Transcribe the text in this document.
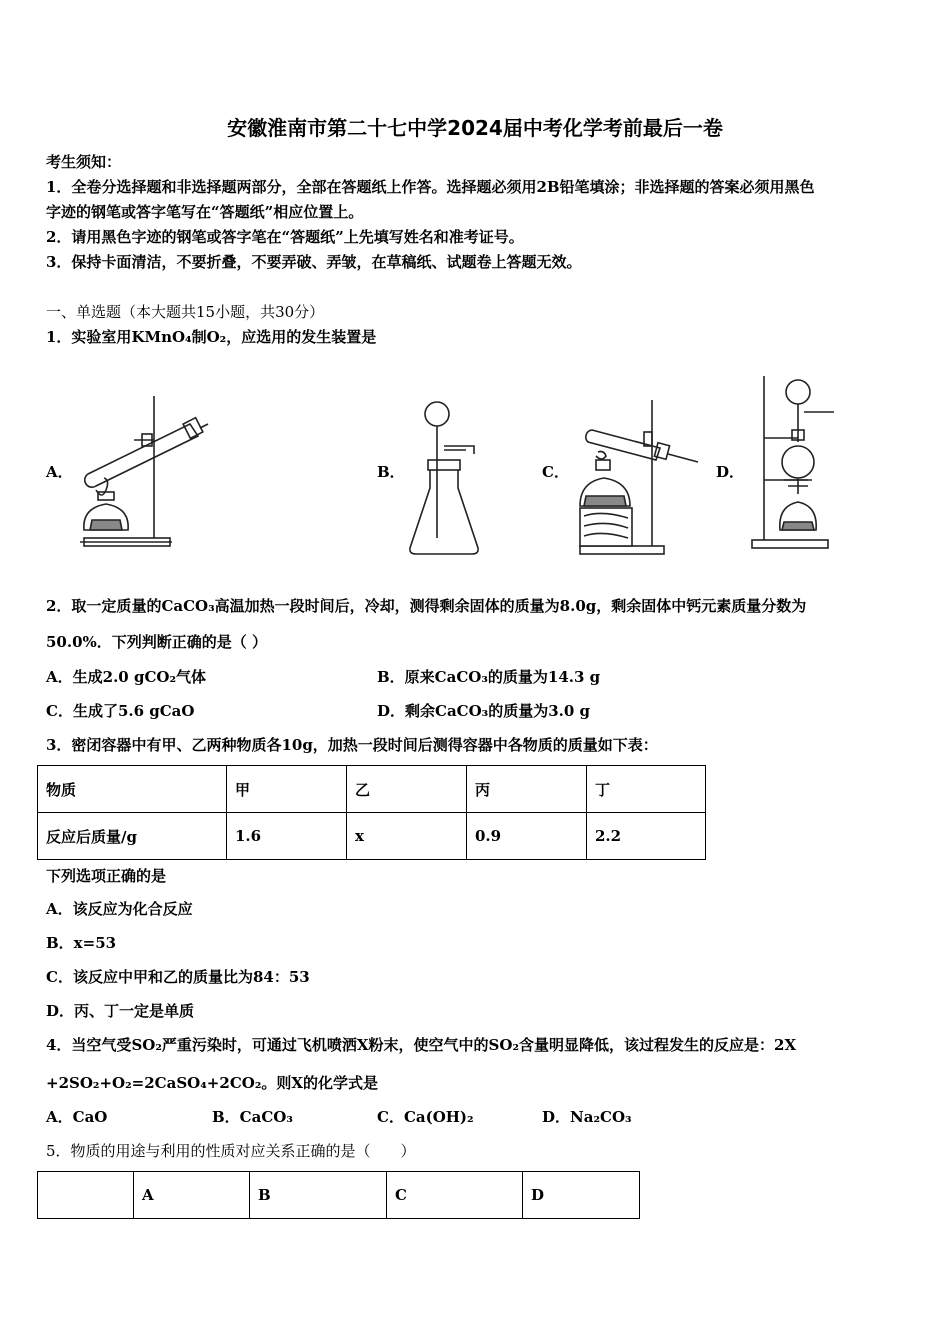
安徽淮南市第二十七中学2024届中考化学考前最后一卷
考生须知：
1．全卷分选择题和非选择题两部分，全部在答题纸上作答。选择题必须用2B铅笔填涂；非选择题的答案必须用黑色
字迹的钢笔或答字笔写在“答题纸”相应位置上。
2．请用黑色字迹的钢笔或答字笔在“答题纸”上先填写姓名和准考证号。
3．保持卡面清洁，不要折叠，不要弄破、弄皱，在草稿纸、试题卷上答题无效。
一、单选题（本大题共15小题，共30分）
1．实验室用KMnO₄制O₂，应选用的发生装置是
A．	B．	C．	D．
2．取一定质量的CaCO₃高温加热一段时间后，冷却，测得剩余固体的质量为8.0g，剩余固体中钙元素质量分数为
50.0%．下列判断正确的是（ ）
A．生成2.0 gCO₂气体	B．原来CaCO₃的质量为14.3 g
C．生成了5.6 gCaO	D．剩余CaCO₃的质量为3.0 g
3．密闭容器中有甲、乙两种物质各10g，加热一段时间后测得容器中各物质的质量如下表：
物质	甲	乙	丙	丁
反应后质量/g	1.6	x	0.9	2.2
下列选项正确的是
A．该反应为化合反应
B．x=53
C．该反应中甲和乙的质量比为84：53
D．丙、丁一定是单质
4．当空气受SO₂严重污染时，可通过飞机喷洒X粉末，使空气中的SO₂含量明显降低，该过程发生的反应是：2X
+2SO₂+O₂=2CaSO₄+2CO₂。则X的化学式是
A．CaO	B．CaCO₃	C．Ca(OH)₂	D．Na₂CO₃
5．物质的用途与利用的性质对应关系正确的是（　　）
	A	B	C	D
